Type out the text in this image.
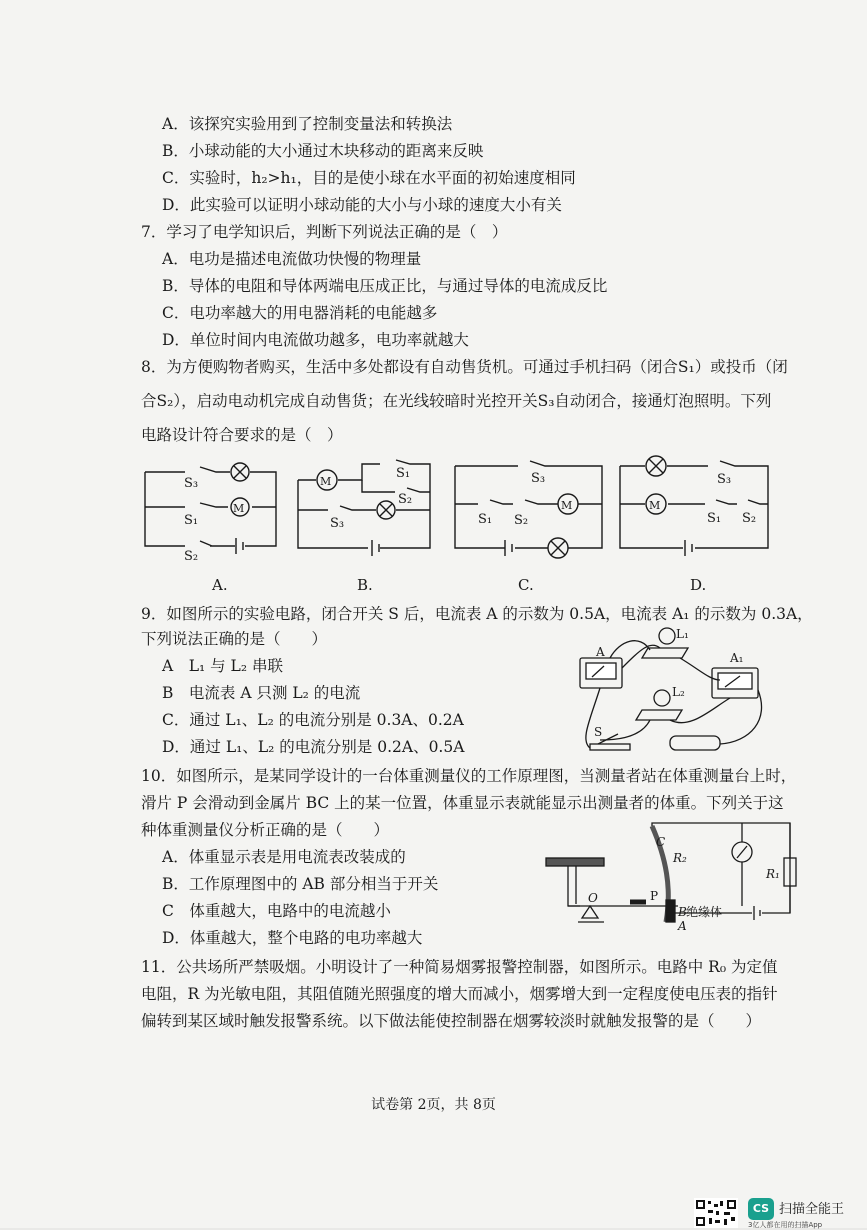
A．该探究实验用到了控制变量法和转换法
B．小球动能的大小通过木块移动的距离来反映
C．实验时，h₂>h₁，目的是使小球在水平面的初始速度相同
D．此实验可以证明小球动能的大小与小球的速度大小有关
7．学习了电学知识后，判断下列说法正确的是（　）
A．电功是描述电流做功快慢的物理量
B．导体的电阻和导体两端电压成正比，与通过导体的电流成反比
C．电功率越大的用电器消耗的电能越多
D．单位时间内电流做功越多，电功率就越大
8．为方便购物者购买，生活中多处都设有自动售货机。可通过手机扫码（闭合S₁）或投币（闭
合S₂），启动电动机完成自动售货；在光线较暗时光控开关S₃自动闭合，接通灯泡照明。下列
电路设计符合要求的是（　）
M
S₃
S₁
S₂
M
S₁
S₂
S₃
M
S₃
S₁ S₂
M
S₃
S₁ S₂
A.	B.	C.	D.
9．如图所示的实验电路，闭合开关 S 后，电流表 A 的示数为 0.5A，电流表 A₁ 的示数为 0.3A，
下列说法正确的是（　　）
A　L₁ 与 L₂ 串联
B　电流表 A 只测 L₂ 的电流
C．通过 L₁、L₂ 的电流分别是 0.3A、0.2A
D．通过 L₁、L₂ 的电流分别是 0.2A、0.5A
A	A₁
L₁
L₂
S
10．如图所示，是某同学设计的一台体重测量仪的工作原理图，当测量者站在体重测量台上时，
滑片 P 会滑动到金属片 BC 上的某一位置，体重显示表就能显示出测量者的体重。下列关于这
种体重测量仪分析正确的是（　　）
A．体重显示表是用电流表改装成的
B．工作原理图中的 AB 部分相当于开关
C　体重越大，电路中的电流越小
D．体重越大，整个电路的电功率越大
C
R₂
O	P
B 绝缘体
A
R₁
11．公共场所严禁吸烟。小明设计了一种简易烟雾报警控制器，如图所示。电路中 R₀ 为定值
电阻，R 为光敏电阻，其阻值随光照强度的增大而减小，烟雾增大到一定程度使电压表的指针
偏转到某区域时触发报警系统。以下做法能使控制器在烟雾较淡时就触发报警的是（　　）
试卷第 2页，共 8页
CS 扫描全能王
3亿人都在用的扫描App
